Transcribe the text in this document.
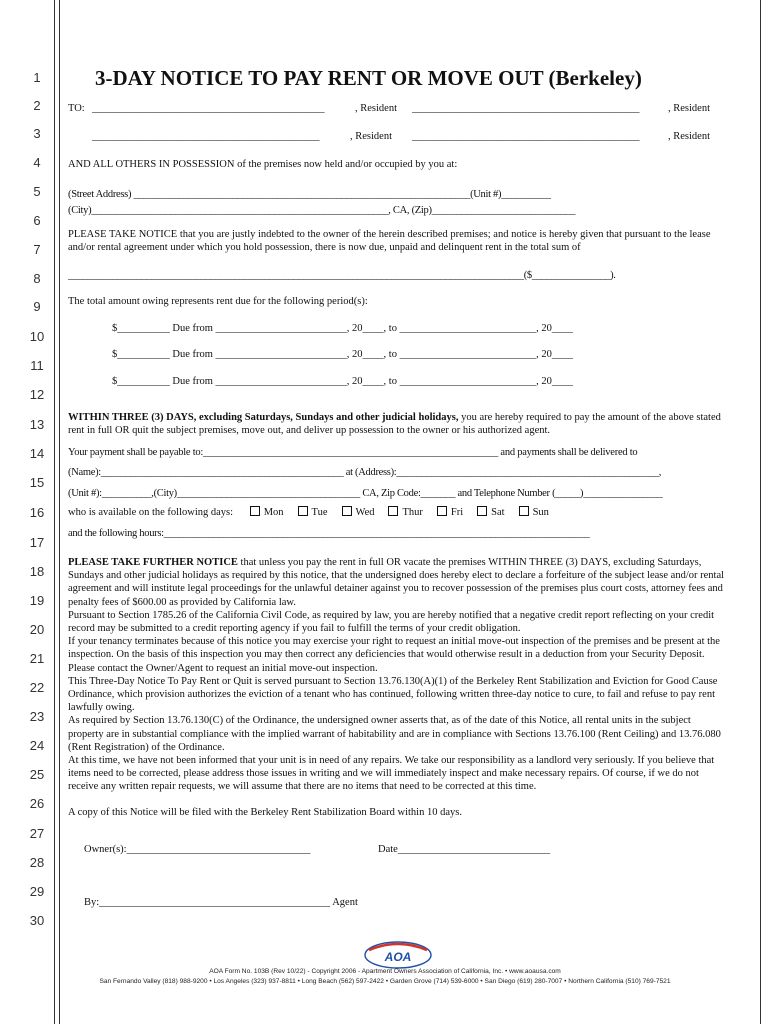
1
2
3
4
5
6
7
8
9
10
11
12
13
14
15
16
17
18
19
20
21
22
23
24
25
26
27
28
29
30
3-DAY NOTICE TO PAY RENT OR MOVE OUT (Berkeley)
TO: ______________________________________________	, Resident _____________________________________________	, Resident
_____________________________________________	, Resident _____________________________________________	, Resident
AND ALL OTHERS IN POSSESSION of the premises now held and/or occupied by you at:
(Street Address) ____________________________________________________________________(Unit #)__________
(City)____________________________________________________________, CA, (Zip)_____________________________
PLEASE TAKE NOTICE that you are justly indebted to the owner of the herein described premises; and notice is hereby given that pursuant to the lease and/or rental agreement under which you hold possession, there is now due, unpaid and delinquent rent in the total sum of
_____________________________________________________________________________________________($________________).
The total amount owing represents rent due for the following period(s):
$__________ Due from _________________________, 20____, to __________________________, 20____
$__________ Due from _________________________, 20____, to __________________________, 20____
$__________ Due from _________________________, 20____, to __________________________, 20____
WITHIN THREE (3) DAYS, excluding Saturdays, Sundays and other judicial holidays, you are hereby required to pay the amount of the above stated rent in full OR quit the subject premises, move out, and deliver up possession to the owner or his authorized agent.
Your payment shall be payable to:___________________________________________________________ and payments shall be delivered to
(Name):_________________________________________________ at (Address):_____________________________________________________,
(Unit #):__________,(City)_____________________________________ CA, Zip Code:_______ and Telephone Number (_____)________________
who is available on the following days:	Mon	Tue	Wed	Thur	Fri	Sat	Sun
and the following hours:______________________________________________________________________________________

PLEASE TAKE FURTHER NOTICE that unless you pay the rent in full OR vacate the premises WITHIN THREE (3) DAYS, excluding Saturdays, Sundays and other judicial holidays as required by this notice, that the undersigned does hereby elect to declare a forfeiture of the subject lease and/or rental agreement and will institute legal proceedings for the unlawful detainer against you to recover possession of the premises plus court costs, attorney fees and penalty fees of $600.00 as provided by California law.

Pursuant to Section 1785.26 of the California Civil Code, as required by law, you are hereby notified that a negative credit report reflecting on your credit record may be submitted to a credit reporting agency if you fail to fulfill the terms of your credit obligation.

If your tenancy terminates because of this notice you may exercise your right to request an initial move-out inspection of the premises and be present at the inspection. On the basis of this inspection you may then correct any deficiencies that would otherwise result in a deduction from your Security Deposit. Please contact the Owner/Agent to request an initial move-out inspection.

This Three-Day Notice To Pay Rent or Quit is served pursuant to Section 13.76.130(A)(1) of the Berkeley Rent Stabilization and Eviction for Good Cause Ordinance, which provision authorizes the eviction of a tenant who has continued, following written three-day notice to cure, to fail and refuse to pay rent lawfully owing.

As required by Section 13.76.130(C) of the Ordinance, the undersigned owner asserts that, as of the date of this Notice, all rental units in the subject property are in substantial compliance with the implied warrant of habitability and are in compliance with Sections 13.76.100 (Rent Ceiling) and 13.76.080 (Rent Registration) of the Ordinance.

At this time, we have not been informed that your unit is in need of any repairs. We take our responsibility as a landlord very seriously. If you believe that items need to be corrected, please address those issues in writing and we will immediately inspect and make necessary repairs. Of course, if we do not receive any written repair requests, we will assume that there are no items that need to be corrected at this time.

A copy of this Notice will be filed with the Berkeley Rent Stabilization Board within 10 days.
Owner(s):___________________________________	Date_____________________________
By:____________________________________________ Agent
AOA
AOA Form No. 103B (Rev 10/22) - Copyright 2006 - Apartment Owners Association of California, Inc. • www.aoausa.com
San Fernando Valley (818) 988-9200 • Los Angeles (323) 937-8811 • Long Beach (562) 597-2422 • Garden Grove (714) 539-6000 • San Diego (619) 280-7007 • Northern California (510) 769-7521
